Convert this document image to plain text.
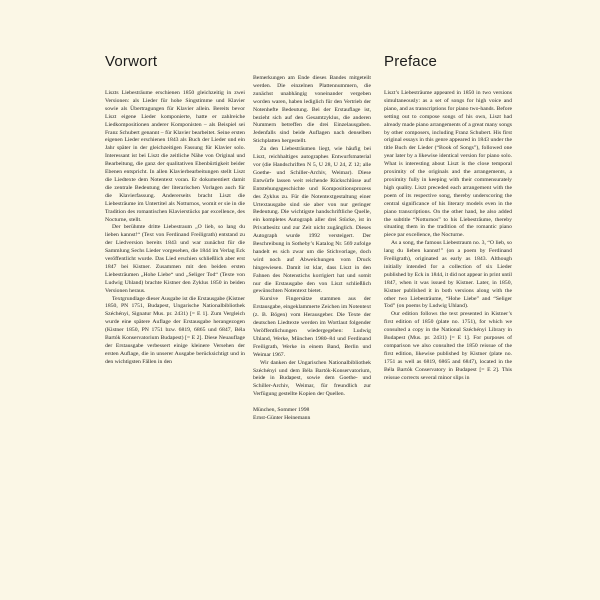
Vorwort

Liszts Liebesträume erschienen 1850 gleichzeitig in zwei Versionen: als Lieder für hohe Singstimme und Klavier sowie als Übertragungen für Klavier allein. Bereits bevor Liszt eigene Lieder komponierte, hatte er zahlreiche Liedkompositionen anderer Komponisten – als Beispiel sei Franz Schubert genannt – für Klavier bearbeitet. Seine ersten eigenen Lieder erschienen 1843 als Buch der Lieder und ein Jahr später in der gleichzeitigen Fassung für Klavier solo. Interessant ist bei Liszt die zeitliche Nähe von Original und Bearbeitung, die ganz der qualitativen Ebenbürtigkeit beider Ebenen entspricht. In allen Klavierbearbeitungen stellt Liszt die Liedtexte dem Notentext voran. Er dokumentiert damit die zentrale Bedeutung der literarischen Vorlagen auch für die Klavierfassung. Andererseits bracht Liszt die Liebesträume im Untertitel als Notturnos, womit er sie in die Tradition des romantischen Klavierstücks par excellence, des Nocturne, stellt.

Der berühmte dritte Liebestraum „O lieb, so lang du lieben kannst!“ (Text von Ferdinand Freiligrath) entstand zu der Liedversion bereits 1843 und war zunächst für die Sammlung Sechs Lieder vorgesehen, die 1844 im Verlag Eck veröffentlicht wurde. Das Lied erschien schließlich aber erst 1847 bei Kistner. Zusammen mit den beiden ersten Liebesträumen „Hohe Liebe“ und „Seliger Tod“ (Texte von Ludwig Uhland) brachte Kistner den Zyklus 1850 in beiden Versionen heraus.

Textgrundlage dieser Ausgabe ist die Erstausgabe (Kistner 1850, PN 1751, Budapest, Ungarische Nationalbibliothek Széchényi, Signatur Mus. pr. 2431) [= E 1]. Zum Vergleich wurde eine spätere Auflage der Erstausgabe herangezogen (Kistner 1850, PN 1751 bzw. 6819, 6865 und 6847, Béla Bartók Konservatorium Budapest) [= E 2]. Diese Neuauflage der Erstausgabe verbessert einige kleinere Versehen der ersten Auflage, die in unserer Ausgabe berücksichtigt und in den wichtigsten Fällen in den

Bemerkungen am Ende dieses Bandes mitgeteilt werden. Die einzelnen Plattennummern, die zunächst unabhängig voneinander vergeben worden waren, haben lediglich für den Vertrieb der Notenhefte Bedeutung. Bei der Erstauflage ist, bezieht sich auf den Gesamtzyklus, die anderen Nummern betreffen die drei Einzelausgaben. Jedenfalls sind beide Auflagen nach denselben Stichplatten hergestellt.

Zu den Liebesträumen liegt, wie häufig bei Liszt, reichhaltiges autographes Entwurfsmaterial vor (die Handschriften N 5, U 28, U 24, Z 12; alle Goethe- und Schiller-Archiv, Weimar). Diese Entwürfe lassen weit reichende Rückschlüsse auf Entstehungsgeschichte und Kompositionsprozess des Zyklus zu. Für die Notentextgestaltung einer Urtextausgabe sind sie aber von nur geringer Bedeutung. Die wichtigste handschriftliche Quelle, ein kompletes Autograph aller drei Stücke, ist in Privatbesitz und zur Zeit nicht zugänglich. Dieses Autograph wurde 1992 versteigert. Der Beschreibung in Sotheby’s Katalog Nr. 569 zufolge handelt es sich zwar um die Stichvorlage, doch wird noch auf Abweichungen vom Druck hingewiesen. Damit ist klar, dass Liszt in den Fahnen des Notenstichs korrigiert hat und somit nur die Erstausgabe den von Liszt schließlich gewünschten Notentext bietet.

Kursive Fingersätze stammen aus der Erstausgabe, eingeklammerte Zeichen im Notentext (z. B. Bögen) vom Herausgeber. Die Texte der deutschen Liedtexte werden im Wortlaut folgender Veröffentlichungen wiedergegeben: Ludwig Uhland, Werke, München 1980–84 und Ferdinand Freiligrath, Werke in einem Band, Berlin und Weimar 1967.

Wir danken der Ungarischen Nationalbibliothek Széchényi und dem Béla Bartók-Konservatorium, beide in Budapest, sowie dem Goethe- und Schiller-Archiv, Weimar, für freundlich zur Verfügung gestellte Kopien der Quellen.

München, Sommer 1998
Ernst-Günter Heinemann

Preface

Liszt’s Liebesträume appeared in 1850 in two versions simultaneously: as a set of songs for high voice and piano, and as transcriptions for piano two-hands. Before setting out to compose songs of his own, Liszt had already made piano arrangements of a great many songs by other composers, including Franz Schubert. His first original essays in this genre appeared in 1843 under the title Buch der Lieder (“Book of Songs”), followed one year later by a likewise identical version for piano solo. What is interesting about Liszt is the close temporal proximity of the originals and the arrangements, a proximity fully in keeping with their commensurately high quality. Liszt preceded each arrangement with the poem of its respective song, thereby underscoring the central significance of his literary models even in the piano transcriptions. On the other hand, he also added the subtitle “Notturnos” to his Liebesträume, thereby situating them in the tradition of the romantic piano piece par excellence, the Nocturne.

As a song, the famous Liebestraum no. 3, “O lieb, so lang du lieben kannst!” (on a poem by Ferdinand Freiligrath), originated as early as 1843. Although initially intended for a collection of six Lieder published by Eck in 1844, it did not appear in print until 1847, when it was issued by Kistner. Later, in 1850, Kistner published it in both versions along with the other two Liebesträume, “Hohe Liebe” and “Seliger Tod” (on poems by Ludwig Uhland).

Our edition follows the text presented in Kistner’s first edition of 1850 (plate no. 1751), for which we consulted a copy in the National Széchényi Library in Budapest (Mus. pr. 2431) [= E 1]. For purposes of comparison we also consulted the 1850 reissue of the first edition, likewise published by Kistner (plate no. 1751 as well as 6819, 6865 and 6847), located in the Béla Bartók Conservatory in Budapest [= E 2]. This reissue corrects several minor slips in
